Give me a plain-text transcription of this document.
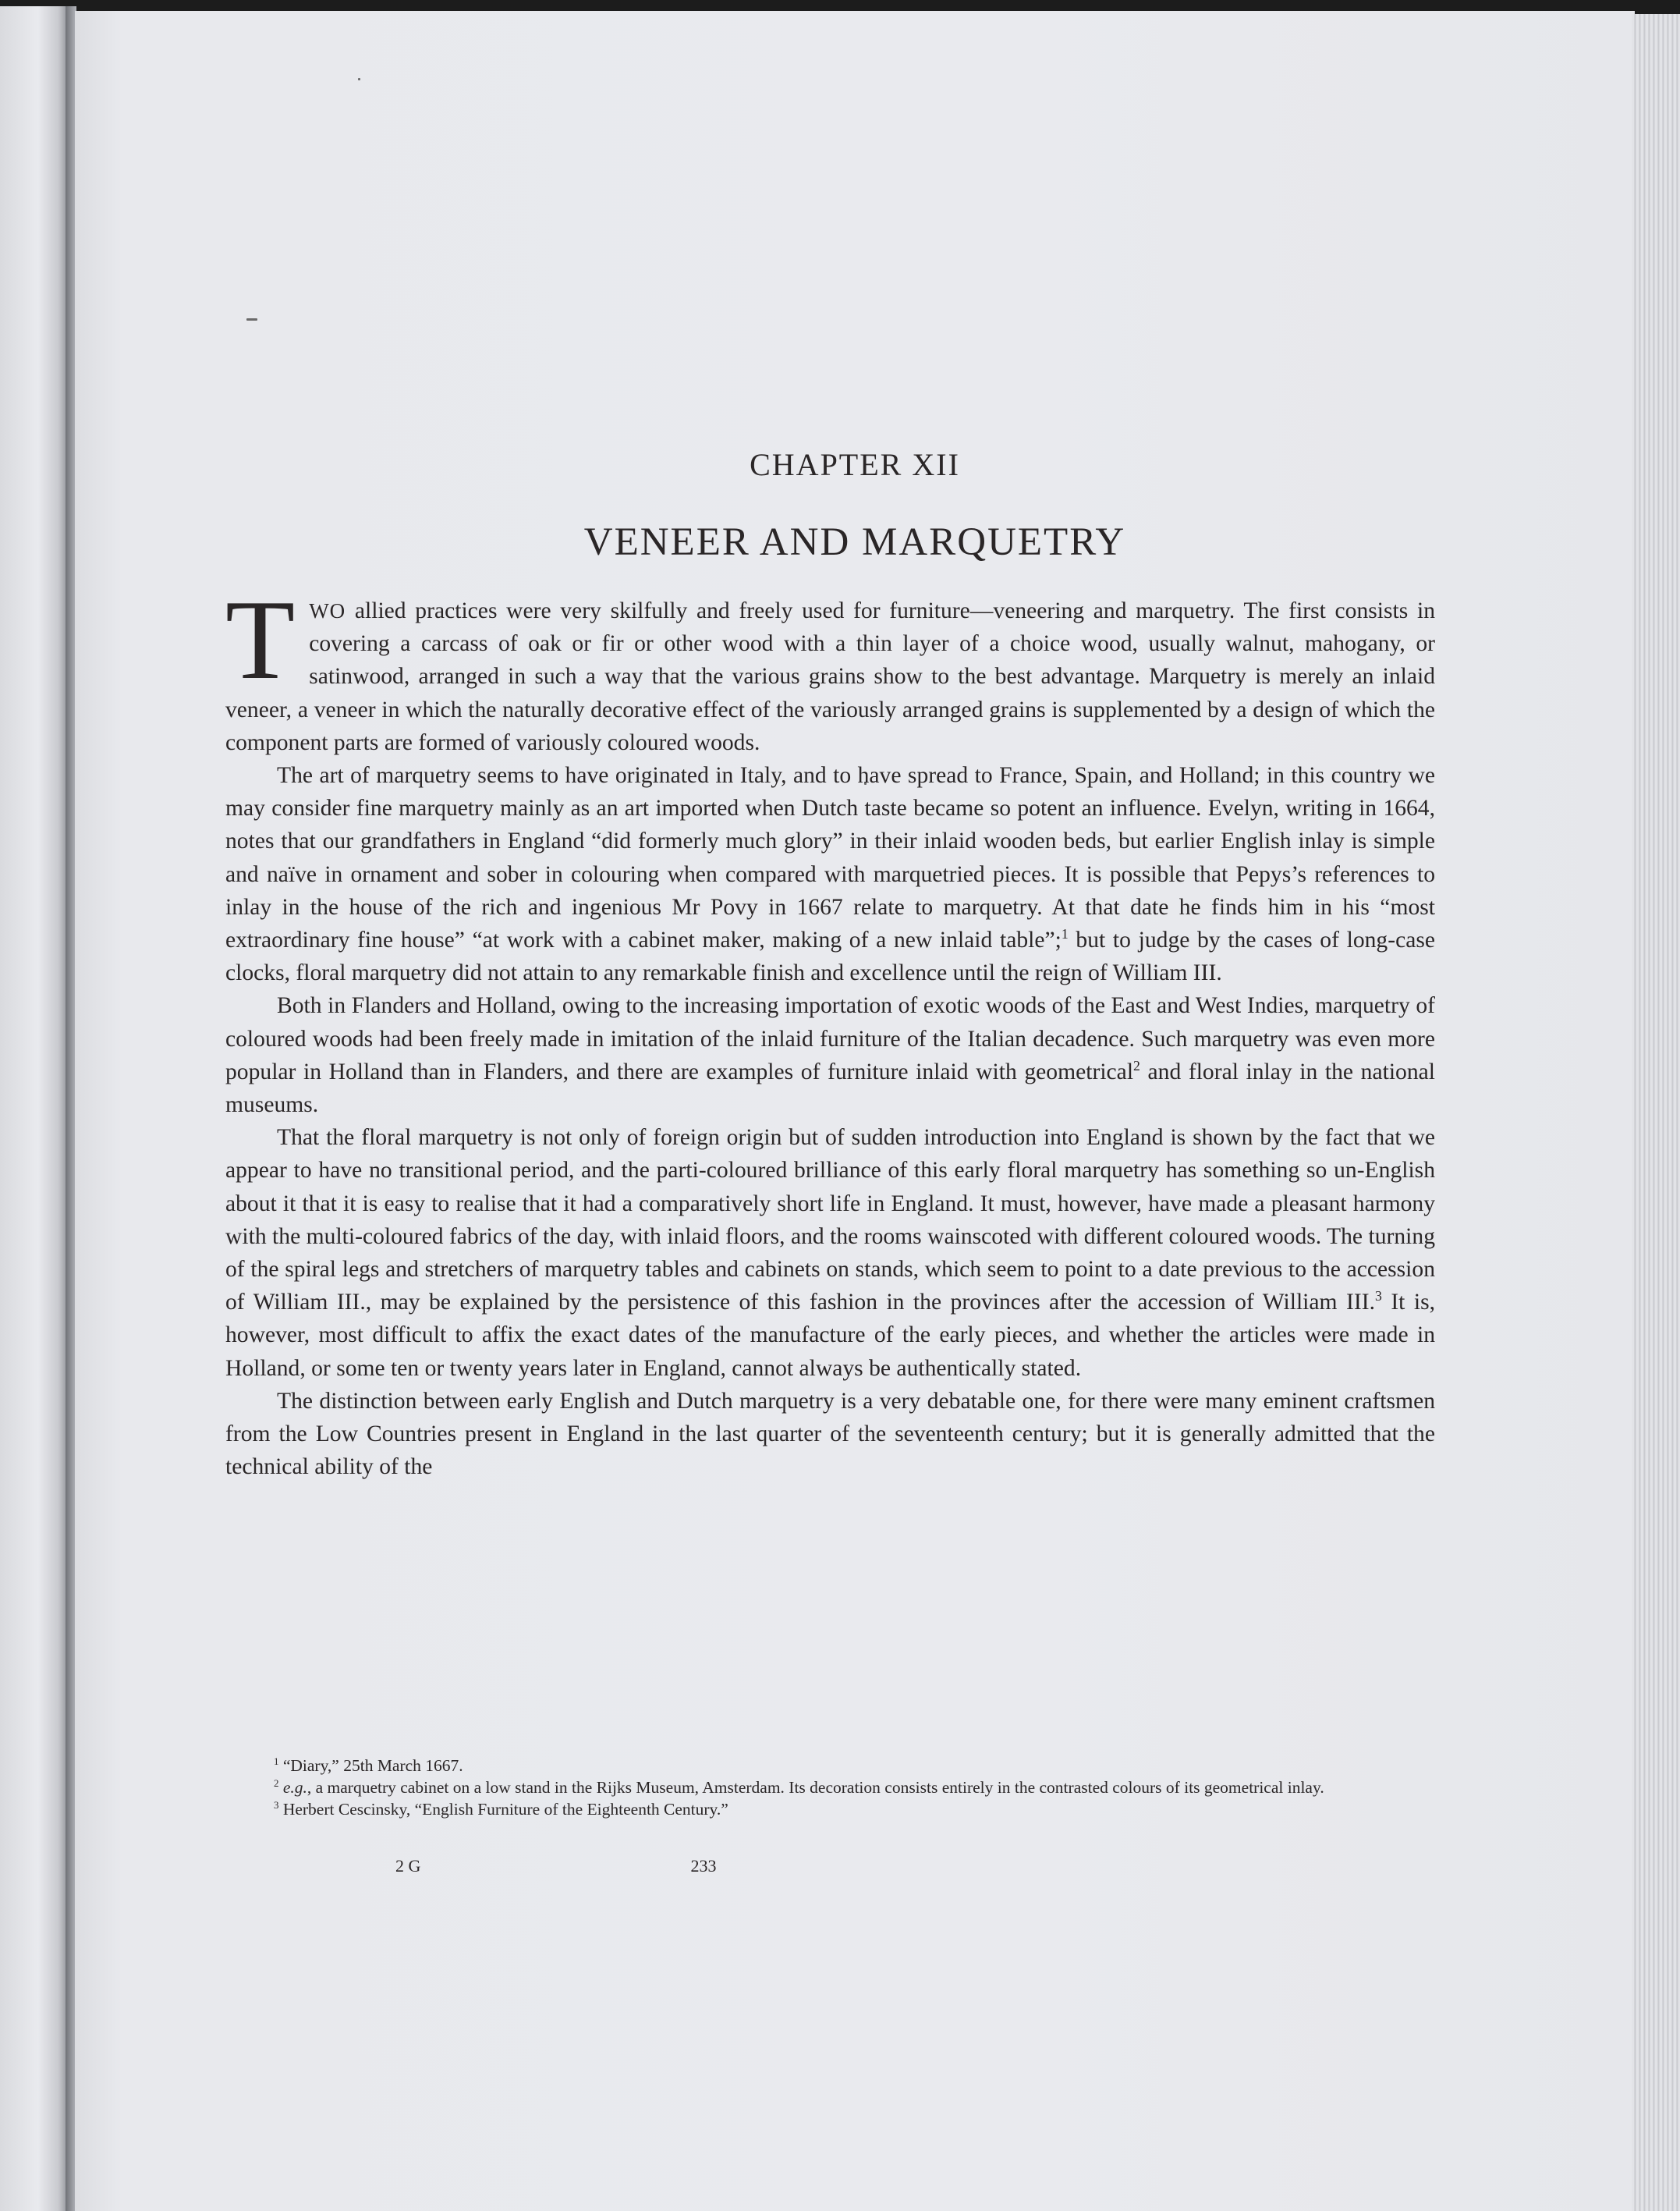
CHAPTER XII
VENEER AND MARQUETRY

TWO allied practices were very skilfully and freely used for furniture—veneering and marquetry. The first consists in covering a carcass of oak or fir or other wood with a thin layer of a choice wood, usually walnut, mahogany, or satinwood, arranged in such a way that the various grains show to the best advantage. Marquetry is merely an inlaid veneer, a veneer in which the naturally decorative effect of the variously arranged grains is supplemented by a design of which the component parts are formed of variously coloured woods.

The art of marquetry seems to have originated in Italy, and to have spread to France, Spain, and Holland; in this country we may consider fine marquetry mainly as an art imported when Dutch taste became so potent an influence. Evelyn, writing in 1664, notes that our grandfathers in England “did formerly much glory” in their inlaid wooden beds, but earlier English inlay is simple and naïve in ornament and sober in colouring when compared with marquetried pieces. It is possible that Pepys’s references to inlay in the house of the rich and ingenious Mr Povy in 1667 relate to marquetry. At that date he finds him in his “most extraordinary fine house” “at work with a cabinet maker, making of a new inlaid table”;$^1$ but to judge by the cases of long-case clocks, floral marquetry did not attain to any remarkable finish and excellence until the reign of William III.

Both in Flanders and Holland, owing to the increasing importation of exotic woods of the East and West Indies, marquetry of coloured woods had been freely made in imitation of the inlaid furniture of the Italian decadence. Such marquetry was even more popular in Holland than in Flanders, and there are examples of furniture inlaid with geometrical$^2$ and floral inlay in the national museums.

That the floral marquetry is not only of foreign origin but of sudden introduction into England is shown by the fact that we appear to have no transitional period, and the parti-coloured brilliance of this early floral marquetry has something so un-English about it that it is easy to realise that it had a comparatively short life in England. It must, however, have made a pleasant harmony with the multi-coloured fabrics of the day, with inlaid floors, and the rooms wainscoted with different coloured woods. The turning of the spiral legs and stretchers of marquetry tables and cabinets on stands, which seem to point to a date previous to the accession of William III., may be explained by the persistence of this fashion in the provinces after the accession of William III.$^3$ It is, however, most difficult to affix the exact dates of the manufacture of the early pieces, and whether the articles were made in Holland, or some ten or twenty years later in England, cannot always be authentically stated.

The distinction between early English and Dutch marquetry is a very debatable one, for there were many eminent craftsmen from the Low Countries present in England in the last quarter of the seventeenth century; but it is generally admitted that the technical ability of the

$^1$ “Diary,” 25th March 1667.

$^2$ e.g., a marquetry cabinet on a low stand in the Rijks Museum, Amsterdam. Its decoration consists entirely in the contrasted colours of its geometrical inlay.

$^3$ Herbert Cescinsky, “English Furniture of the Eighteenth Century.”

2 G	233
